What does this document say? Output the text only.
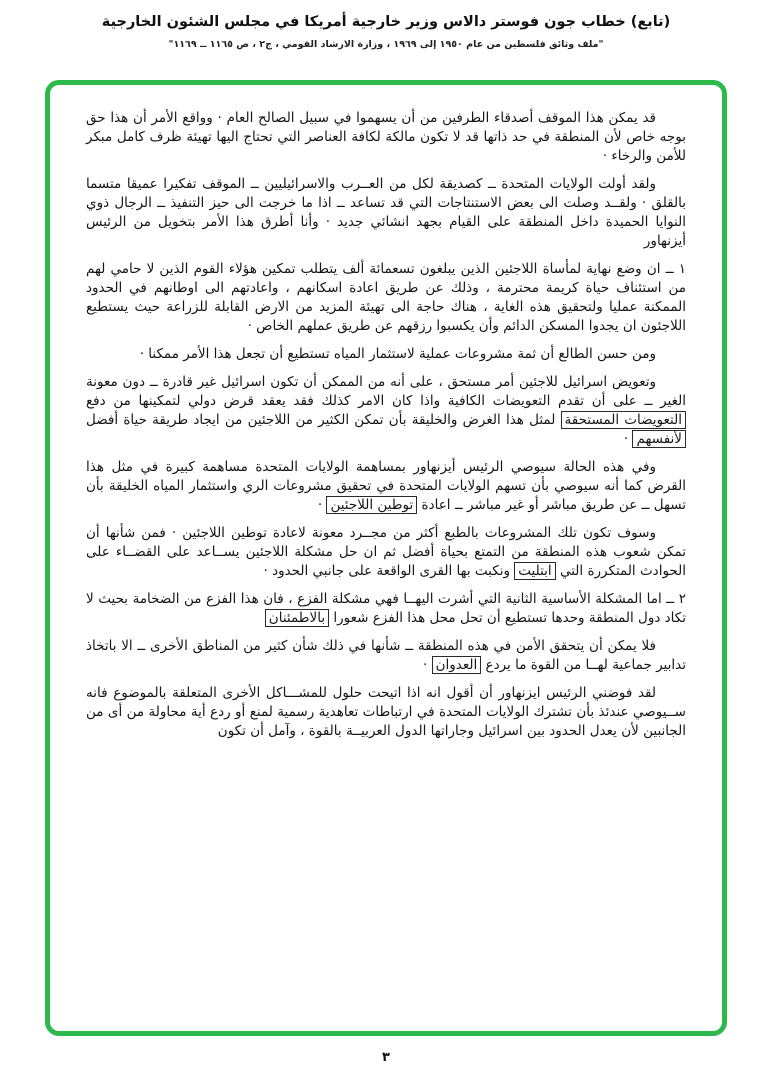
(تابع) خطاب جون فوستر دالاس وزير خارجية أمريكا في مجلس الشئون الخارجية
"ملف وثائق فلسطين من عام ١٩٥٠ إلى ١٩٦٩ ، وزارة الارشاد القومي ، ج٢ ، ص ١١٦٥ ــ ١١٦٩"

قد يمكن هذا الموقف أصدقاء الطرفين من أن يسهموا في سبيل الصالح العام · وواقع الأمر أن هذا حق بوجه خاص لأن المنطقة في حد ذاتها قد لا تكون مالكة لكافة العناصر التي تحتاج اليها تهيئة ظرف كامل مبكر للأمن والرخاء ·

ولقد أولت الولايات المتحدة ــ كصديقة لكل من العــرب والاسرائيليين ــ الموقف تفكيرا عميقا متسما بالقلق · ولقــد وصلت الى بعض الاستنتاجات التي قد تساعد ــ اذا ما خرجت الى حيز التنفيذ ــ الرجال ذوي النوايا الحميدة داخل المنطقة على القيام بجهد انشائي جديد · وأنا أطرق هذا الأمر بتخويل من الرئيس أيزنهاور

١ ــ ان وضع نهاية لمأساة اللاجئين الذين يبلغون تسعمائة ألف يتطلب تمكين هؤلاء القوم الذين لا حامي لهم من استئناف حياة كريمة محترمة ، وذلك عن طريق اعادة اسكانهم ، واعادتهم الى اوطانهم في الحدود الممكنة عمليا ولتحقيق هذه الغاية ، هناك حاجة الى تهيئة المزيد من الارض القابلة للزراعة حيث يستطيع اللاجئون ان يجدوا المسكن الدائم وأن يكسبوا رزقهم عن طريق عملهم الخاص ·

ومن حسن الطالع أن ثمة مشروعات عملية لاستثمار المياه تستطيع أن تجعل هذا الأمر ممكنا ·

وتعويض اسرائيل للاجئين أمر مستحق ، على أنه من الممكن أن تكون اسرائيل غير قادرة ــ دون معونة الغير ــ على أن تقدم التعويضات الكافية واذا كان الامر كذلك فقد يعقد قرض دولي لتمكينها من دفع التعويضات المستحقة لمثل هذا الغرض والخليقة بأن تمكن الكثير من اللاجئين من ايجاد طريقة حياة أفضل لأنفسهم ·

وفي هذه الحالة سيوصي الرئيس أيزنهاور بمساهمة الولايات المتحدة مساهمة كبيرة في مثل هذا القرض كما أنه سيوصي بأن تسهم الولايات المتحدة في تحقيق مشروعات الري واستثمار المياه الخليقة بأن تسهل ــ عن طريق مباشر أو غير مباشر ــ اعادة توطين اللاجئين ·

وسوف تكون تلك المشروعات بالطبع أكثر من مجــرد معونة لاعادة توطين اللاجئين · فمن شأنها أن تمكن شعوب هذه المنطقة من التمتع بحياة أفضل ثم ان حل مشكلة اللاجئين يســاعد على القضــاء على الحوادث المتكررة التي ابتليت ونكبت بها القرى الواقعة على جانبي الحدود ·

٢ ــ اما المشكلة الأساسية الثانية التي أشرت اليهــا فهي مشكلة الفزع ، فان هذا الفزع من الضخامة بحيث لا تكاد دول المنطقة وحدها تستطيع أن تحل محل هذا الفزع شعورا بالاطمئنان

فلا يمكن أن يتحقق الأمن في هذه المنطقة ــ شأنها في ذلك شأن كثير من المناطق الأخرى ــ الا باتخاذ تدابير جماعية لهــا من القوة ما يردع العدوان ·

لقد فوضني الرئيس ايزنهاور أن أقول انه اذا اتيحت حلول للمشـــاكل الأخرى المتعلقة بالموضوع فانه ســيوصي عندئذ بأن تشترك الولايات المتحدة في ارتباطات تعاهدية رسمية لمنع أو ردع أية محاولة من أى من الجانبين لأن يعدل الحدود بين اسرائيل وجاراتها الدول العربيــة بالقوة ، وآمل أن تكون

٣
